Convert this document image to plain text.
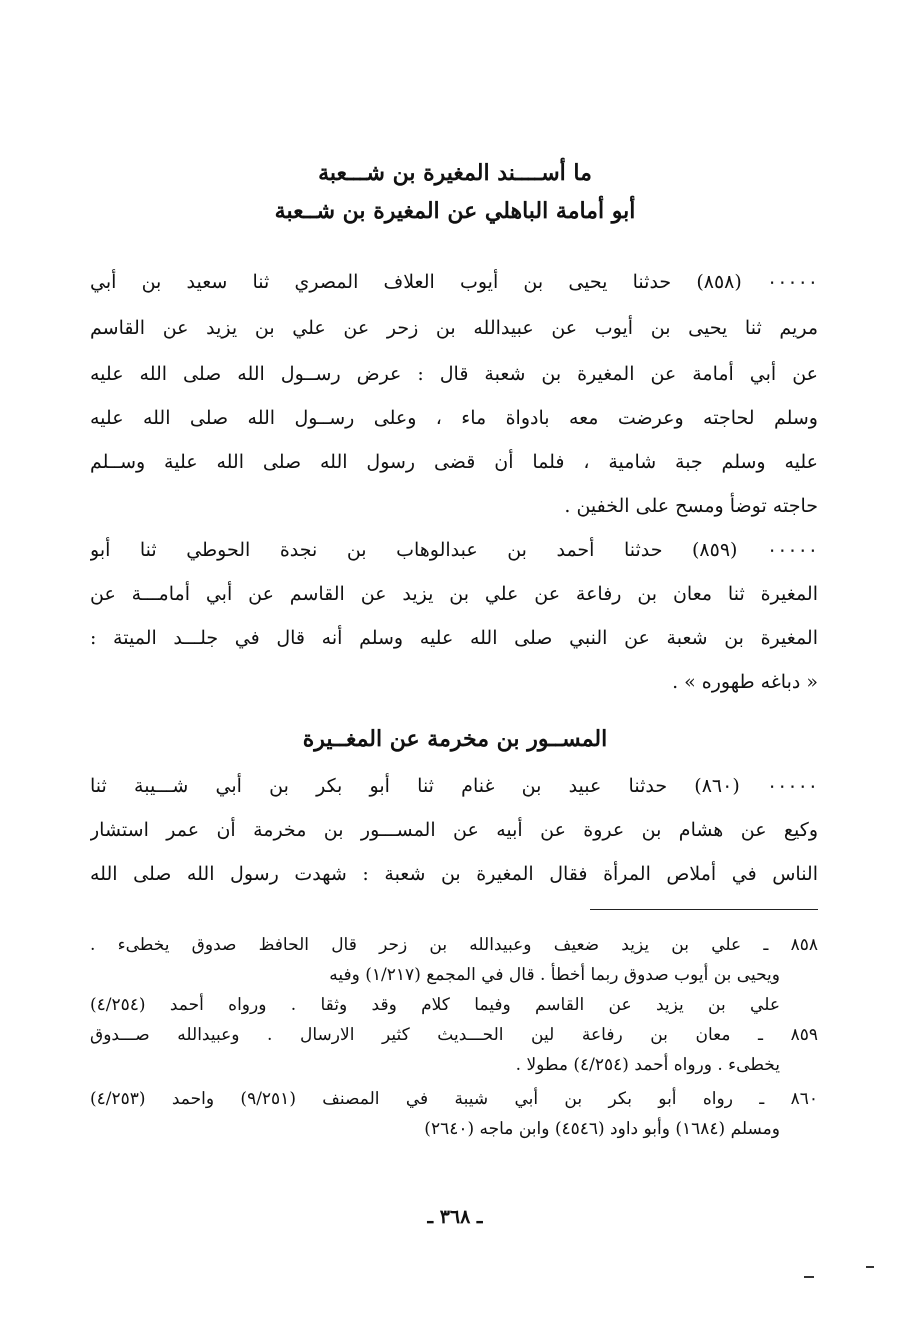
ما أســــند المغيرة بن شـــعبة
أبو أمامة الباهلي عن المغيرة بن شــعبة
۰۰۰۰۰ (۸٥٨) حدثنا يحيى بن أيوب العلاف المصري ثنا سعيد بن أبي
مريم ثنا يحيى بن أيوب عن عبيدالله بن زحر عن علي بن يزيد عن القاسم
عن أبي أمامة عن المغيرة بن شعبة قال : عرض رســول الله صلى الله عليه
وسلم لحاجته وعرضت معه بادواة ماء ، وعلى رســول الله صلى الله عليه
عليه وسلم جبة شامية ، فلما أن قضى رسول الله صلى الله علية وســلم
حاجته توضأ ومسح على الخفين .
۰۰۰۰۰ (۸٥٩) حدثنا أحمد بن عبدالوهاب بن نجدة الحوطي ثنا أبو
المغيرة ثنا معان بن رفاعة عن علي بن يزيد عن القاسم عن أبي أمامـــة عن
المغيرة بن شعبة عن النبي صلى الله عليه وسلم أنه قال في جلـــد الميتة :
« دباغه طهوره » .
المســور بن مخرمة عن المغــيرة
۰۰۰۰۰ (٨٦٠) حدثنا عبيد بن غنام ثنا أبو بكر بن أبي شـــيبة ثنا
وكيع عن هشام بن عروة عن أبيه عن المســـور بن مخرمة أن عمر استشار
الناس في أملاص المرأة فقال المغيرة بن شعبة : شهدت رسول الله صلى الله
٨٥٨ ـ علي بن يزيد ضعيف وعبيدالله بن زحر قال الحافظ صدوق يخطىء .
ويحيى بن أيوب صدوق ربما أخطأ . قال في المجمع (١/٢١٧) وفيه
علي بن يزيد عن القاسم وفيما كلام وقد وثقا . ورواه أحمد (٤/٢٥٤)
٨٥٩ ـ معان بن رفاعة لين الحـــديث كثير الارسال . وعبيدالله صـــدوق
يخطىء . ورواه أحمد (٤/٢٥٤) مطولا .
٨٦٠ ـ رواه أبو بكر بن أبي شيبة في المصنف (٩/٢٥١) واحمد (٤/٢٥٣)
ومسلم (١٦٨٤) وأبو داود (٤٥٤٦) وابن ماجه (٢٦٤٠)
ـ ٣٦٨ ـ
